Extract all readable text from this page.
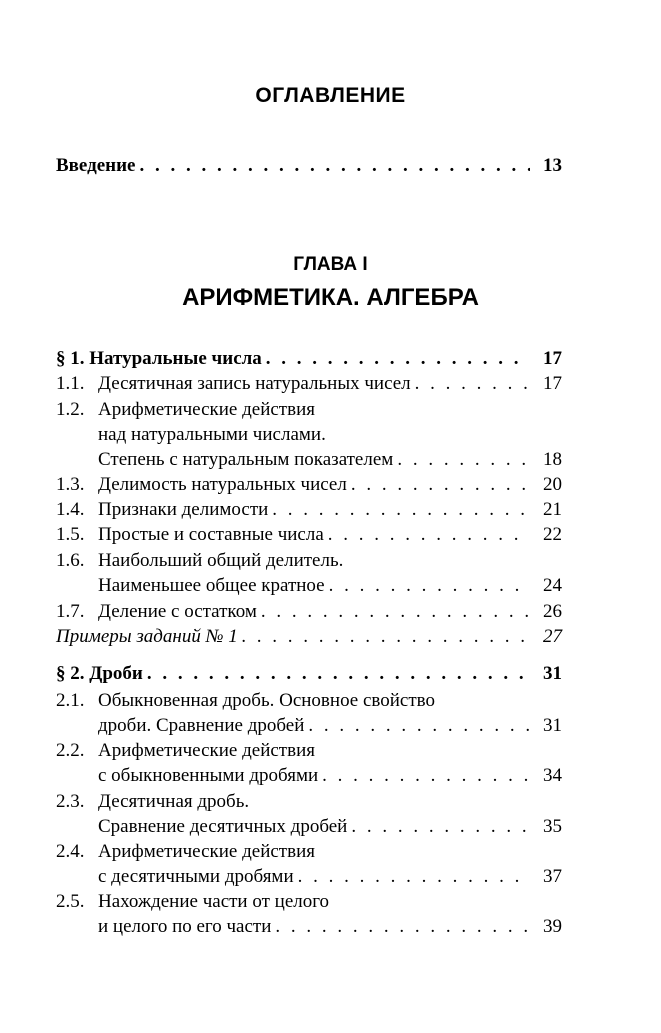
ОГЛАВЛЕНИЕ
Введение . . .	13
ГЛАВА I
АРИФМЕТИКА. АЛГЕБРА
§ 1. Натуральные числа . . .	17
1.1. Десятичная запись натуральных чисел . . .	17
1.2. Арифметические действия
над натуральными числами.
Степень с натуральным показателем . . .	18
1.3. Делимость натуральных чисел . . .	20
1.4. Признаки делимости . . .	21
1.5. Простые и составные числа . . .	22
1.6. Наибольший общий делитель.
Наименьшее общее кратное . . .	24
1.7. Деление с остатком . . .	26
Примеры заданий № 1 . . .	27
§ 2. Дроби . . .	31
2.1. Обыкновенная дробь. Основное свойство
дроби. Сравнение дробей . . .	31
2.2. Арифметические действия
с обыкновенными дробями . . .	34
2.3. Десятичная дробь.
Сравнение десятичных дробей . . .	35
2.4. Арифметические действия
с десятичными дробями . . .	37
2.5. Нахождение части от целого
и целого по его части . . .	39
